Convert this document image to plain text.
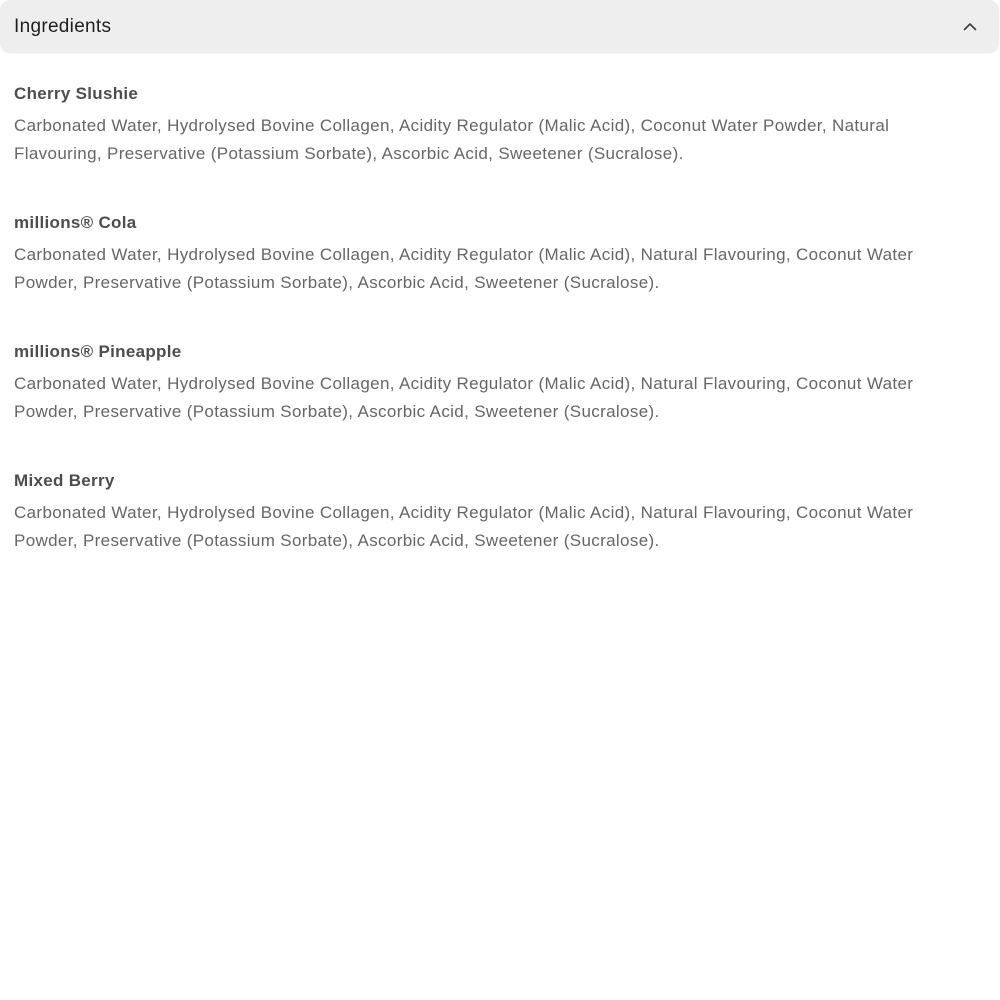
Ingredients
Cherry Slushie
Carbonated Water, Hydrolysed Bovine Collagen, Acidity Regulator (Malic Acid), Coconut Water Powder, Natural Flavouring, Preservative (Potassium Sorbate), Ascorbic Acid, Sweetener (Sucralose).
millions® Cola
Carbonated Water, Hydrolysed Bovine Collagen, Acidity Regulator (Malic Acid), Natural Flavouring, Coconut Water Powder, Preservative (Potassium Sorbate), Ascorbic Acid, Sweetener (Sucralose).
millions® Pineapple
Carbonated Water, Hydrolysed Bovine Collagen, Acidity Regulator (Malic Acid), Natural Flavouring, Coconut Water Powder, Preservative (Potassium Sorbate), Ascorbic Acid, Sweetener (Sucralose).
Mixed Berry
Carbonated Water, Hydrolysed Bovine Collagen, Acidity Regulator (Malic Acid), Natural Flavouring, Coconut Water Powder, Preservative (Potassium Sorbate), Ascorbic Acid, Sweetener (Sucralose).
